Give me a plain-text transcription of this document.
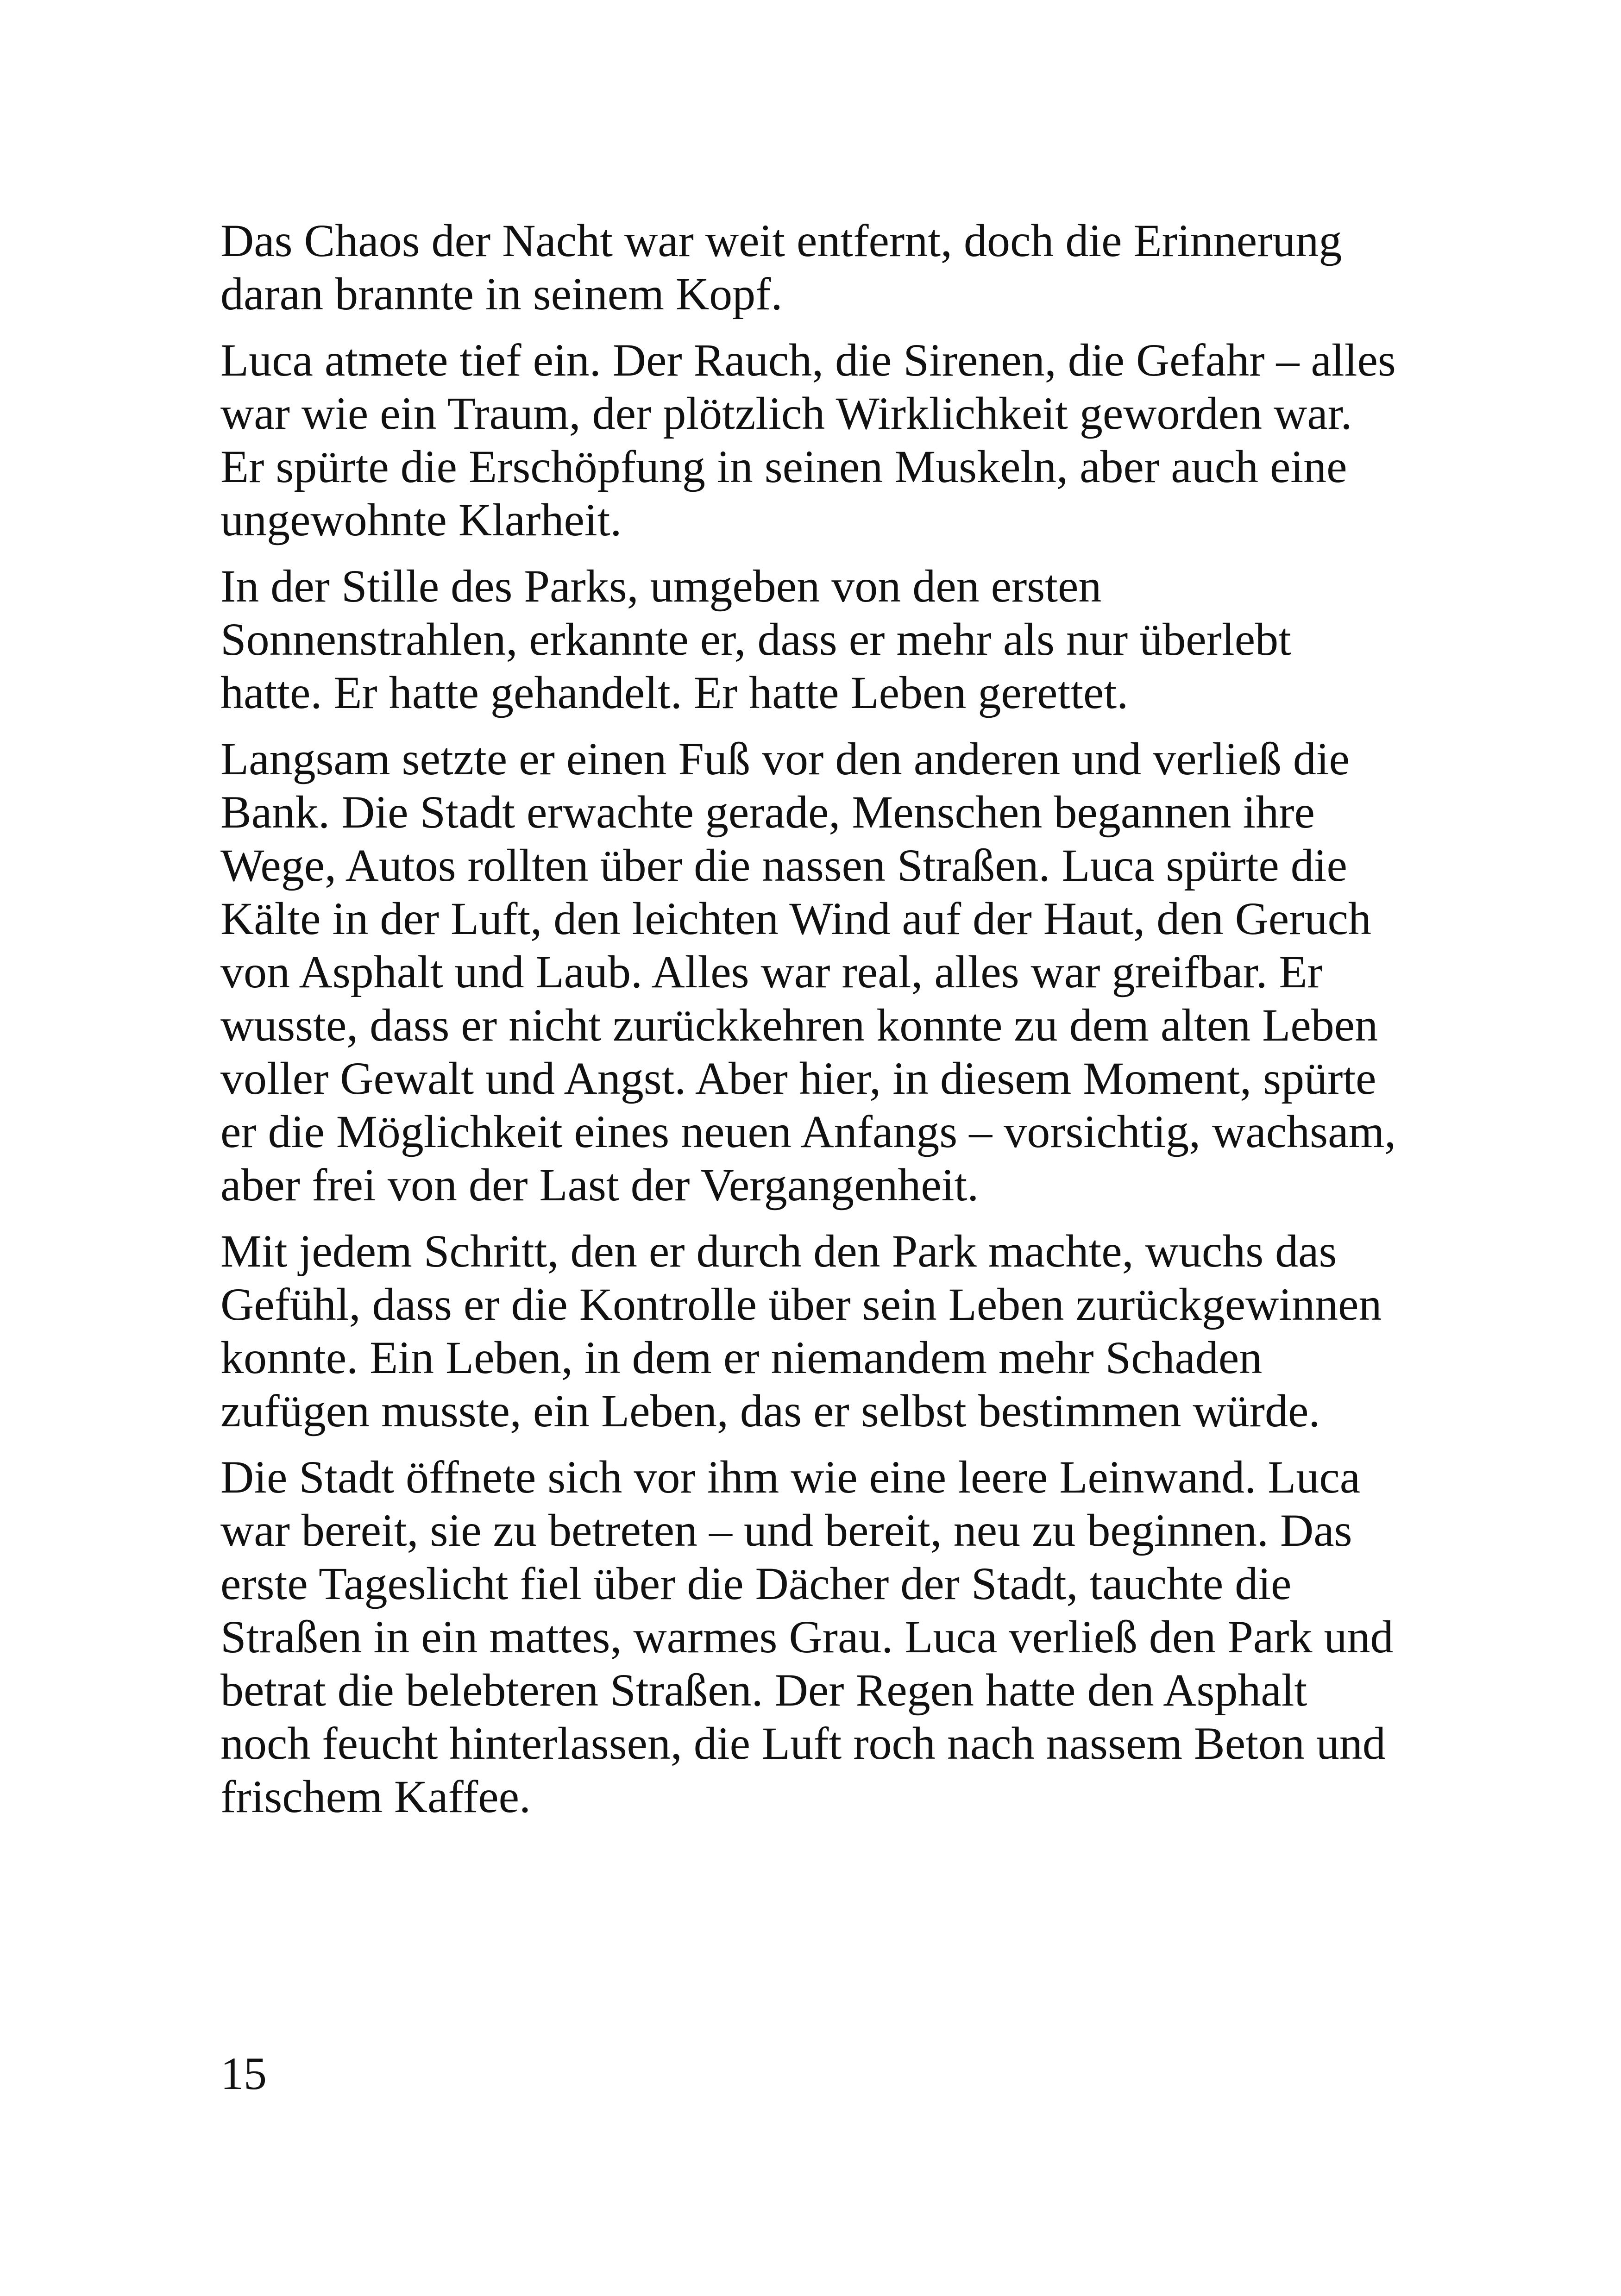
Das Chaos der Nacht war weit entfernt, doch die Erinnerung
daran brannte in seinem Kopf.

Luca atmete tief ein. Der Rauch, die Sirenen, die Gefahr – alles
war wie ein Traum, der plötzlich Wirklichkeit geworden war.
Er spürte die Erschöpfung in seinen Muskeln, aber auch eine
ungewohnte Klarheit.

In der Stille des Parks, umgeben von den ersten
Sonnenstrahlen, erkannte er, dass er mehr als nur überlebt
hatte. Er hatte gehandelt. Er hatte Leben gerettet.

Langsam setzte er einen Fuß vor den anderen und verließ die
Bank. Die Stadt erwachte gerade, Menschen begannen ihre
Wege, Autos rollten über die nassen Straßen. Luca spürte die
Kälte in der Luft, den leichten Wind auf der Haut, den Geruch
von Asphalt und Laub. Alles war real, alles war greifbar. Er
wusste, dass er nicht zurückkehren konnte zu dem alten Leben
voller Gewalt und Angst. Aber hier, in diesem Moment, spürte
er die Möglichkeit eines neuen Anfangs – vorsichtig, wachsam,
aber frei von der Last der Vergangenheit.

Mit jedem Schritt, den er durch den Park machte, wuchs das
Gefühl, dass er die Kontrolle über sein Leben zurückgewinnen
konnte. Ein Leben, in dem er niemandem mehr Schaden
zufügen musste, ein Leben, das er selbst bestimmen würde.

Die Stadt öffnete sich vor ihm wie eine leere Leinwand. Luca
war bereit, sie zu betreten – und bereit, neu zu beginnen. Das
erste Tageslicht fiel über die Dächer der Stadt, tauchte die
Straßen in ein mattes, warmes Grau. Luca verließ den Park und
betrat die belebteren Straßen. Der Regen hatte den Asphalt
noch feucht hinterlassen, die Luft roch nach nassem Beton und
frischem Kaffee.

15
